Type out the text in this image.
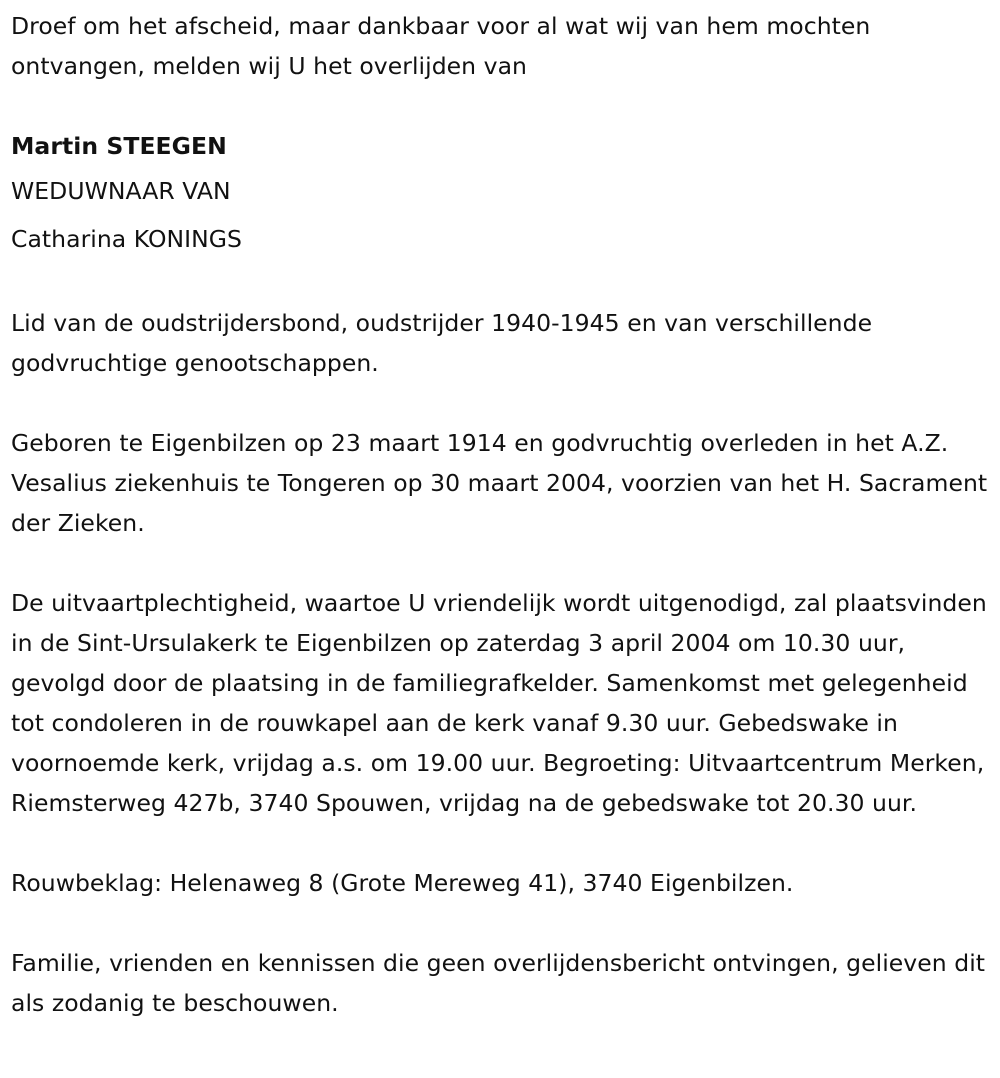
Droef om het afscheid, maar dankbaar voor al wat wij van hem mochten ontvangen, melden wij U het overlijden van

Martin STEEGEN

WEDUWNAAR VAN

Catharina KONINGS

Lid van de oudstrijdersbond, oudstrijder 1940-1945 en van verschillende godvruchtige genootschappen.

Geboren te Eigenbilzen op 23 maart 1914 en godvruchtig overleden in het A.Z. Vesalius ziekenhuis te Tongeren op 30 maart 2004, voorzien van het H. Sacrament der Zieken.

De uitvaartplechtigheid, waartoe U vriendelijk wordt uitgenodigd, zal plaatsvinden in de Sint-Ursulakerk te Eigenbilzen op zaterdag 3 april 2004 om 10.30 uur, gevolgd door de plaatsing in de familiegrafkelder. Samenkomst met gelegenheid tot condoleren in de rouwkapel aan de kerk vanaf 9.30 uur. Gebedswake in voornoemde kerk, vrijdag a.s. om 19.00 uur. Begroeting: Uitvaartcentrum Merken, Riemsterweg 427b, 3740 Spouwen, vrijdag na de gebedswake tot 20.30 uur.

Rouwbeklag: Helenaweg 8 (Grote Mereweg 41), 3740 Eigenbilzen.

Familie, vrienden en kennissen die geen overlijdensbericht ontvingen, gelieven dit als zodanig te beschouwen.
